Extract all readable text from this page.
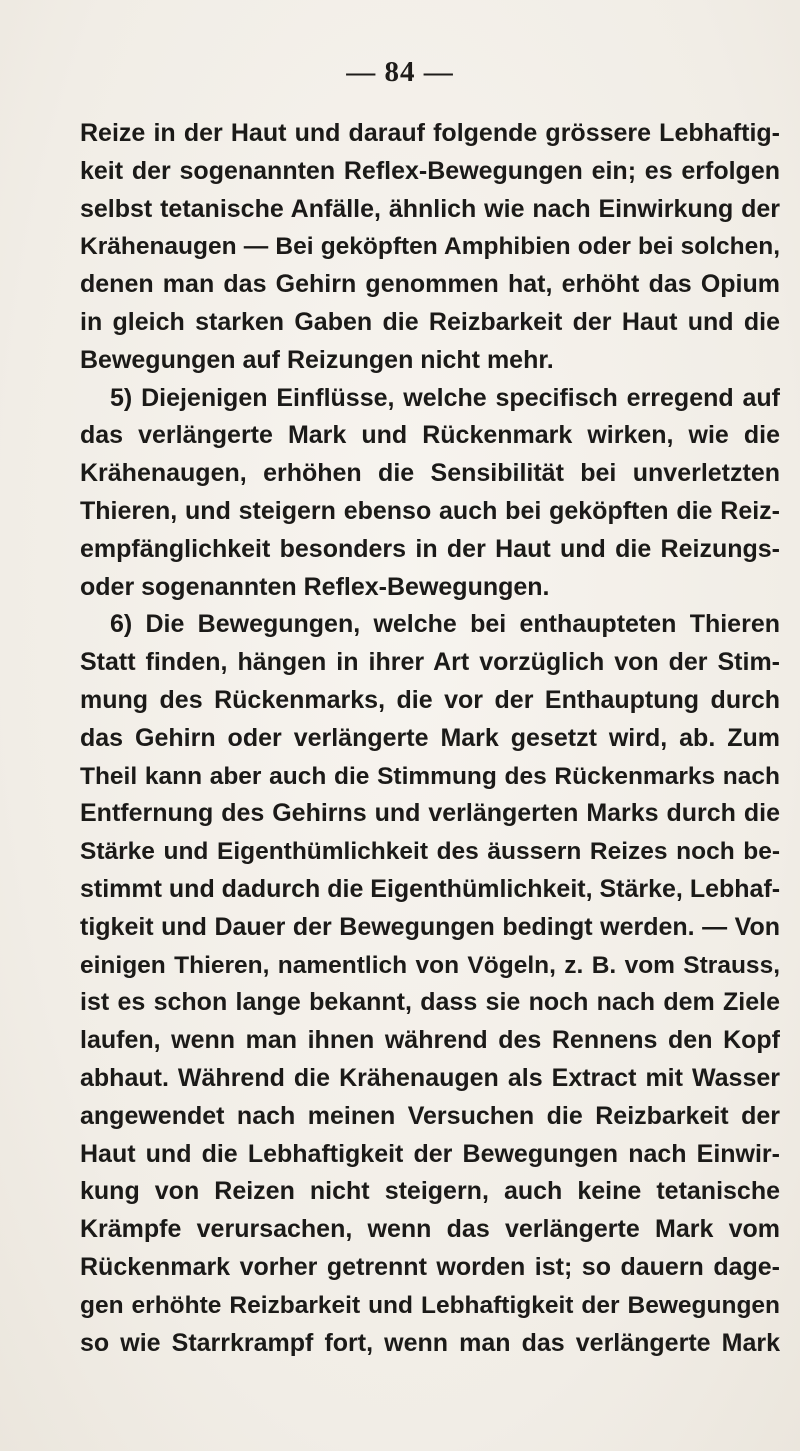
— 84 —
Reize in der Haut und darauf folgende grössere Lebhaftig-
keit der sogenannten Reflex-Bewegungen ein; es erfolgen
selbst tetanische Anfälle, ähnlich wie nach Einwirkung der
Krähenaugen — Bei geköpften Amphibien oder bei solchen,
denen man das Gehirn genommen hat, erhöht das Opium
in gleich starken Gaben die Reizbarkeit der Haut und die
Bewegungen auf Reizungen nicht mehr.
5) Diejenigen Einflüsse, welche specifisch erregend auf
das verlängerte Mark und Rückenmark wirken, wie die
Krähenaugen, erhöhen die Sensibilität bei unverletzten
Thieren, und steigern ebenso auch bei geköpften die Reiz-
empfänglichkeit besonders in der Haut und die Reizungs-
oder sogenannten Reflex-Bewegungen.
6) Die Bewegungen, welche bei enthaupteten Thieren
Statt finden, hängen in ihrer Art vorzüglich von der Stim-
mung des Rückenmarks, die vor der Enthauptung durch
das Gehirn oder verlängerte Mark gesetzt wird, ab. Zum
Theil kann aber auch die Stimmung des Rückenmarks nach
Entfernung des Gehirns und verlängerten Marks durch die
Stärke und Eigenthümlichkeit des äussern Reizes noch be-
stimmt und dadurch die Eigenthümlichkeit, Stärke, Lebhaf-
tigkeit und Dauer der Bewegungen bedingt werden. — Von
einigen Thieren, namentlich von Vögeln, z. B. vom Strauss,
ist es schon lange bekannt, dass sie noch nach dem Ziele
laufen, wenn man ihnen während des Rennens den Kopf
abhaut. Während die Krähenaugen als Extract mit Wasser
angewendet nach meinen Versuchen die Reizbarkeit der
Haut und die Lebhaftigkeit der Bewegungen nach Einwir-
kung von Reizen nicht steigern, auch keine tetanische
Krämpfe verursachen, wenn das verlängerte Mark vom
Rückenmark vorher getrennt worden ist; so dauern dage-
gen erhöhte Reizbarkeit und Lebhaftigkeit der Bewegungen
so wie Starrkrampf fort, wenn man das verlängerte Mark
